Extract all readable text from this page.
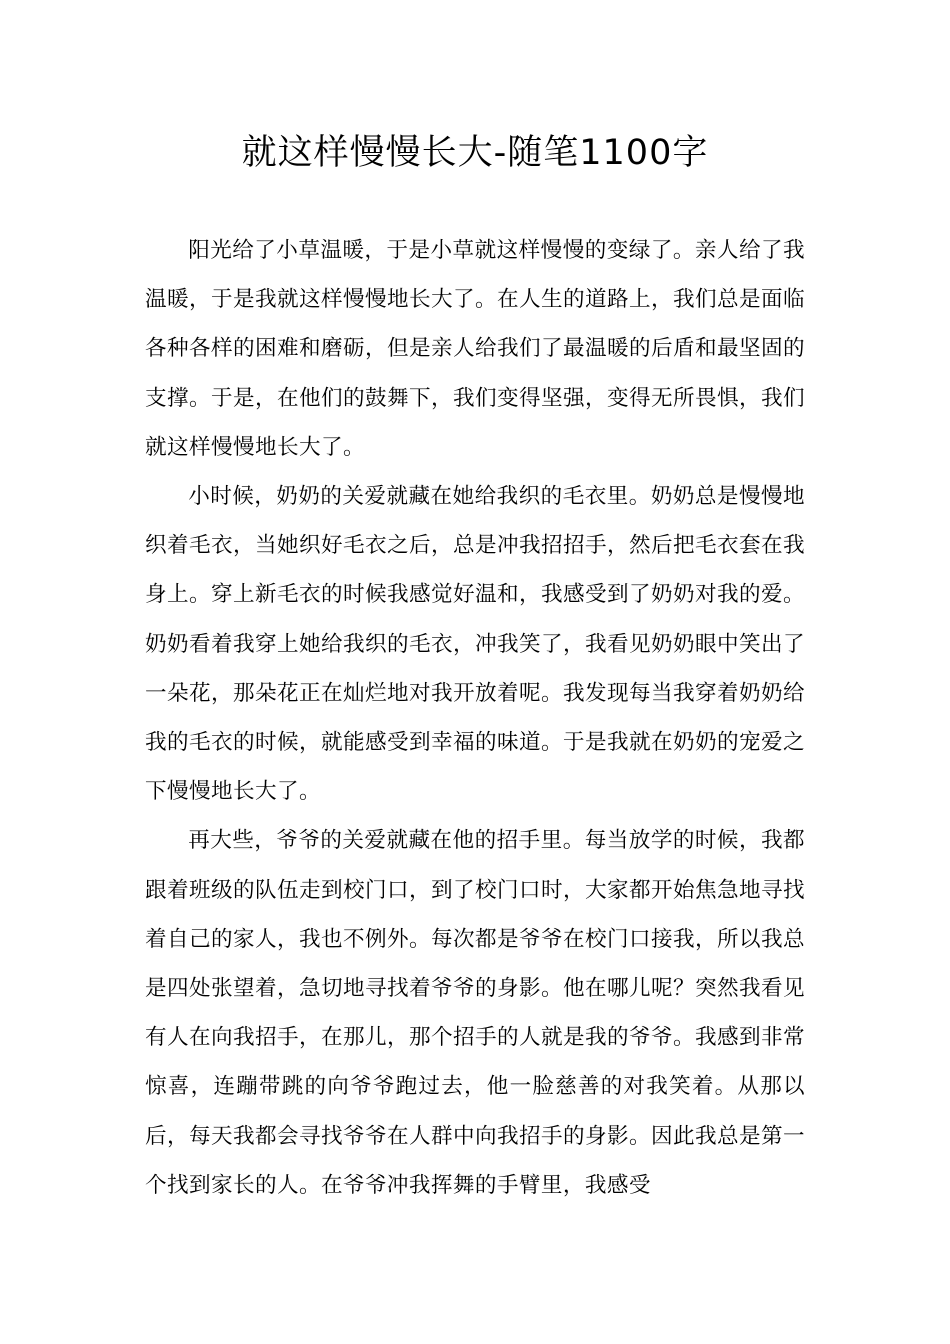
就这样慢慢长大-随笔1100字

阳光给了小草温暖，于是小草就这样慢慢的变绿了。亲人给了我温暖，于是我就这样慢慢地长大了。在人生的道路上，我们总是面临各种各样的困难和磨砺，但是亲人给我们了最温暖的后盾和最坚固的支撑。于是，在他们的鼓舞下，我们变得坚强，变得无所畏惧，我们就这样慢慢地长大了。

小时候，奶奶的关爱就藏在她给我织的毛衣里。奶奶总是慢慢地织着毛衣，当她织好毛衣之后，总是冲我招招手，然后把毛衣套在我身上。穿上新毛衣的时候我感觉好温和，我感受到了奶奶对我的爱。奶奶看着我穿上她给我织的毛衣，冲我笑了，我看见奶奶眼中笑出了一朵花，那朵花正在灿烂地对我开放着呢。我发现每当我穿着奶奶给我的毛衣的时候，就能感受到幸福的味道。于是我就在奶奶的宠爱之下慢慢地长大了。

再大些，爷爷的关爱就藏在他的招手里。每当放学的时候，我都跟着班级的队伍走到校门口，到了校门口时，大家都开始焦急地寻找着自己的家人，我也不例外。每次都是爷爷在校门口接我，所以我总是四处张望着，急切地寻找着爷爷的身影。他在哪儿呢？突然我看见有人在向我招手，在那儿，那个招手的人就是我的爷爷。我感到非常惊喜，连蹦带跳的向爷爷跑过去，他一脸慈善的对我笑着。从那以后，每天我都会寻找爷爷在人群中向我招手的身影。因此我总是第一个找到家长的人。在爷爷冲我挥舞的手臂里，我感受
